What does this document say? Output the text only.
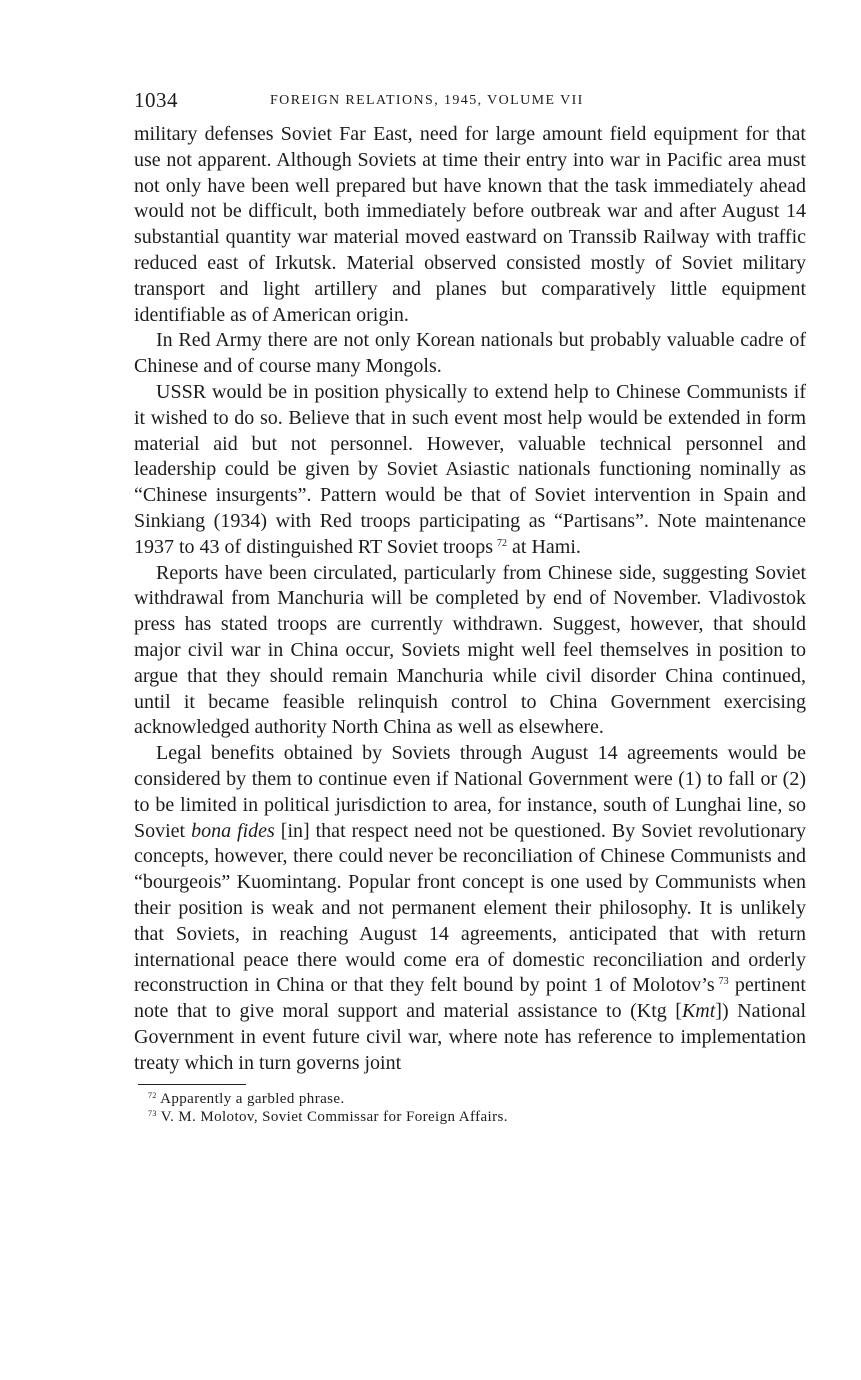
1034	FOREIGN RELATIONS, 1945, VOLUME VII

military defenses Soviet Far East, need for large amount field equipment for that use not apparent. Although Soviets at time their entry into war in Pacific area must not only have been well prepared but have known that the task immediately ahead would not be difficult, both immediately before outbreak war and after August 14 substantial quantity war material moved eastward on Transsib Railway with traffic reduced east of Irkutsk. Material observed consisted mostly of Soviet military transport and light artillery and planes but comparatively little equipment identifiable as of American origin.

In Red Army there are not only Korean nationals but probably valuable cadre of Chinese and of course many Mongols.

USSR would be in position physically to extend help to Chinese Communists if it wished to do so. Believe that in such event most help would be extended in form material aid but not personnel. However, valuable technical personnel and leadership could be given by Soviet Asiastic nationals functioning nominally as “Chinese insurgents”. Pattern would be that of Soviet intervention in Spain and Sinkiang (1934) with Red troops participating as “Partisans”. Note maintenance 1937 to 43 of distinguished RT Soviet troops  $^{72}$ at Hami.

Reports have been circulated, particularly from Chinese side, suggesting Soviet withdrawal from Manchuria will be completed by end of November. Vladivostok press has stated troops are currently withdrawn. Suggest, however, that should major civil war in China occur, Soviets might well feel themselves in position to argue that they should remain Manchuria while civil disorder China continued, until it became feasible relinquish control to China Government exercising acknowledged authority North China as well as elsewhere.

Legal benefits obtained by Soviets through August 14 agreements would be considered by them to continue even if National Government were (1) to fall or (2) to be limited in political jurisdiction to area, for instance, south of Lunghai line, so Soviet bona fides [in] that respect need not be questioned. By Soviet revolutionary concepts, however, there could never be reconciliation of Chinese Communists and “bourgeois” Kuomintang. Popular front concept is one used by Communists when their position is weak and not permanent element their philosophy. It is unlikely that Soviets, in reaching August 14 agreements, anticipated that with return international peace there would come era of domestic reconciliation and orderly reconstruction in China or that they felt bound by point 1 of Molotov’s  $^{73}$ pertinent note that to give moral support and material assistance to (Ktg [Kmt]) National Government in event future civil war, where note has reference to implementation treaty which in turn governs joint

$^{72}$ Apparently a garbled phrase.
$^{73}$ V. M. Molotov, Soviet Commissar for Foreign Affairs.
